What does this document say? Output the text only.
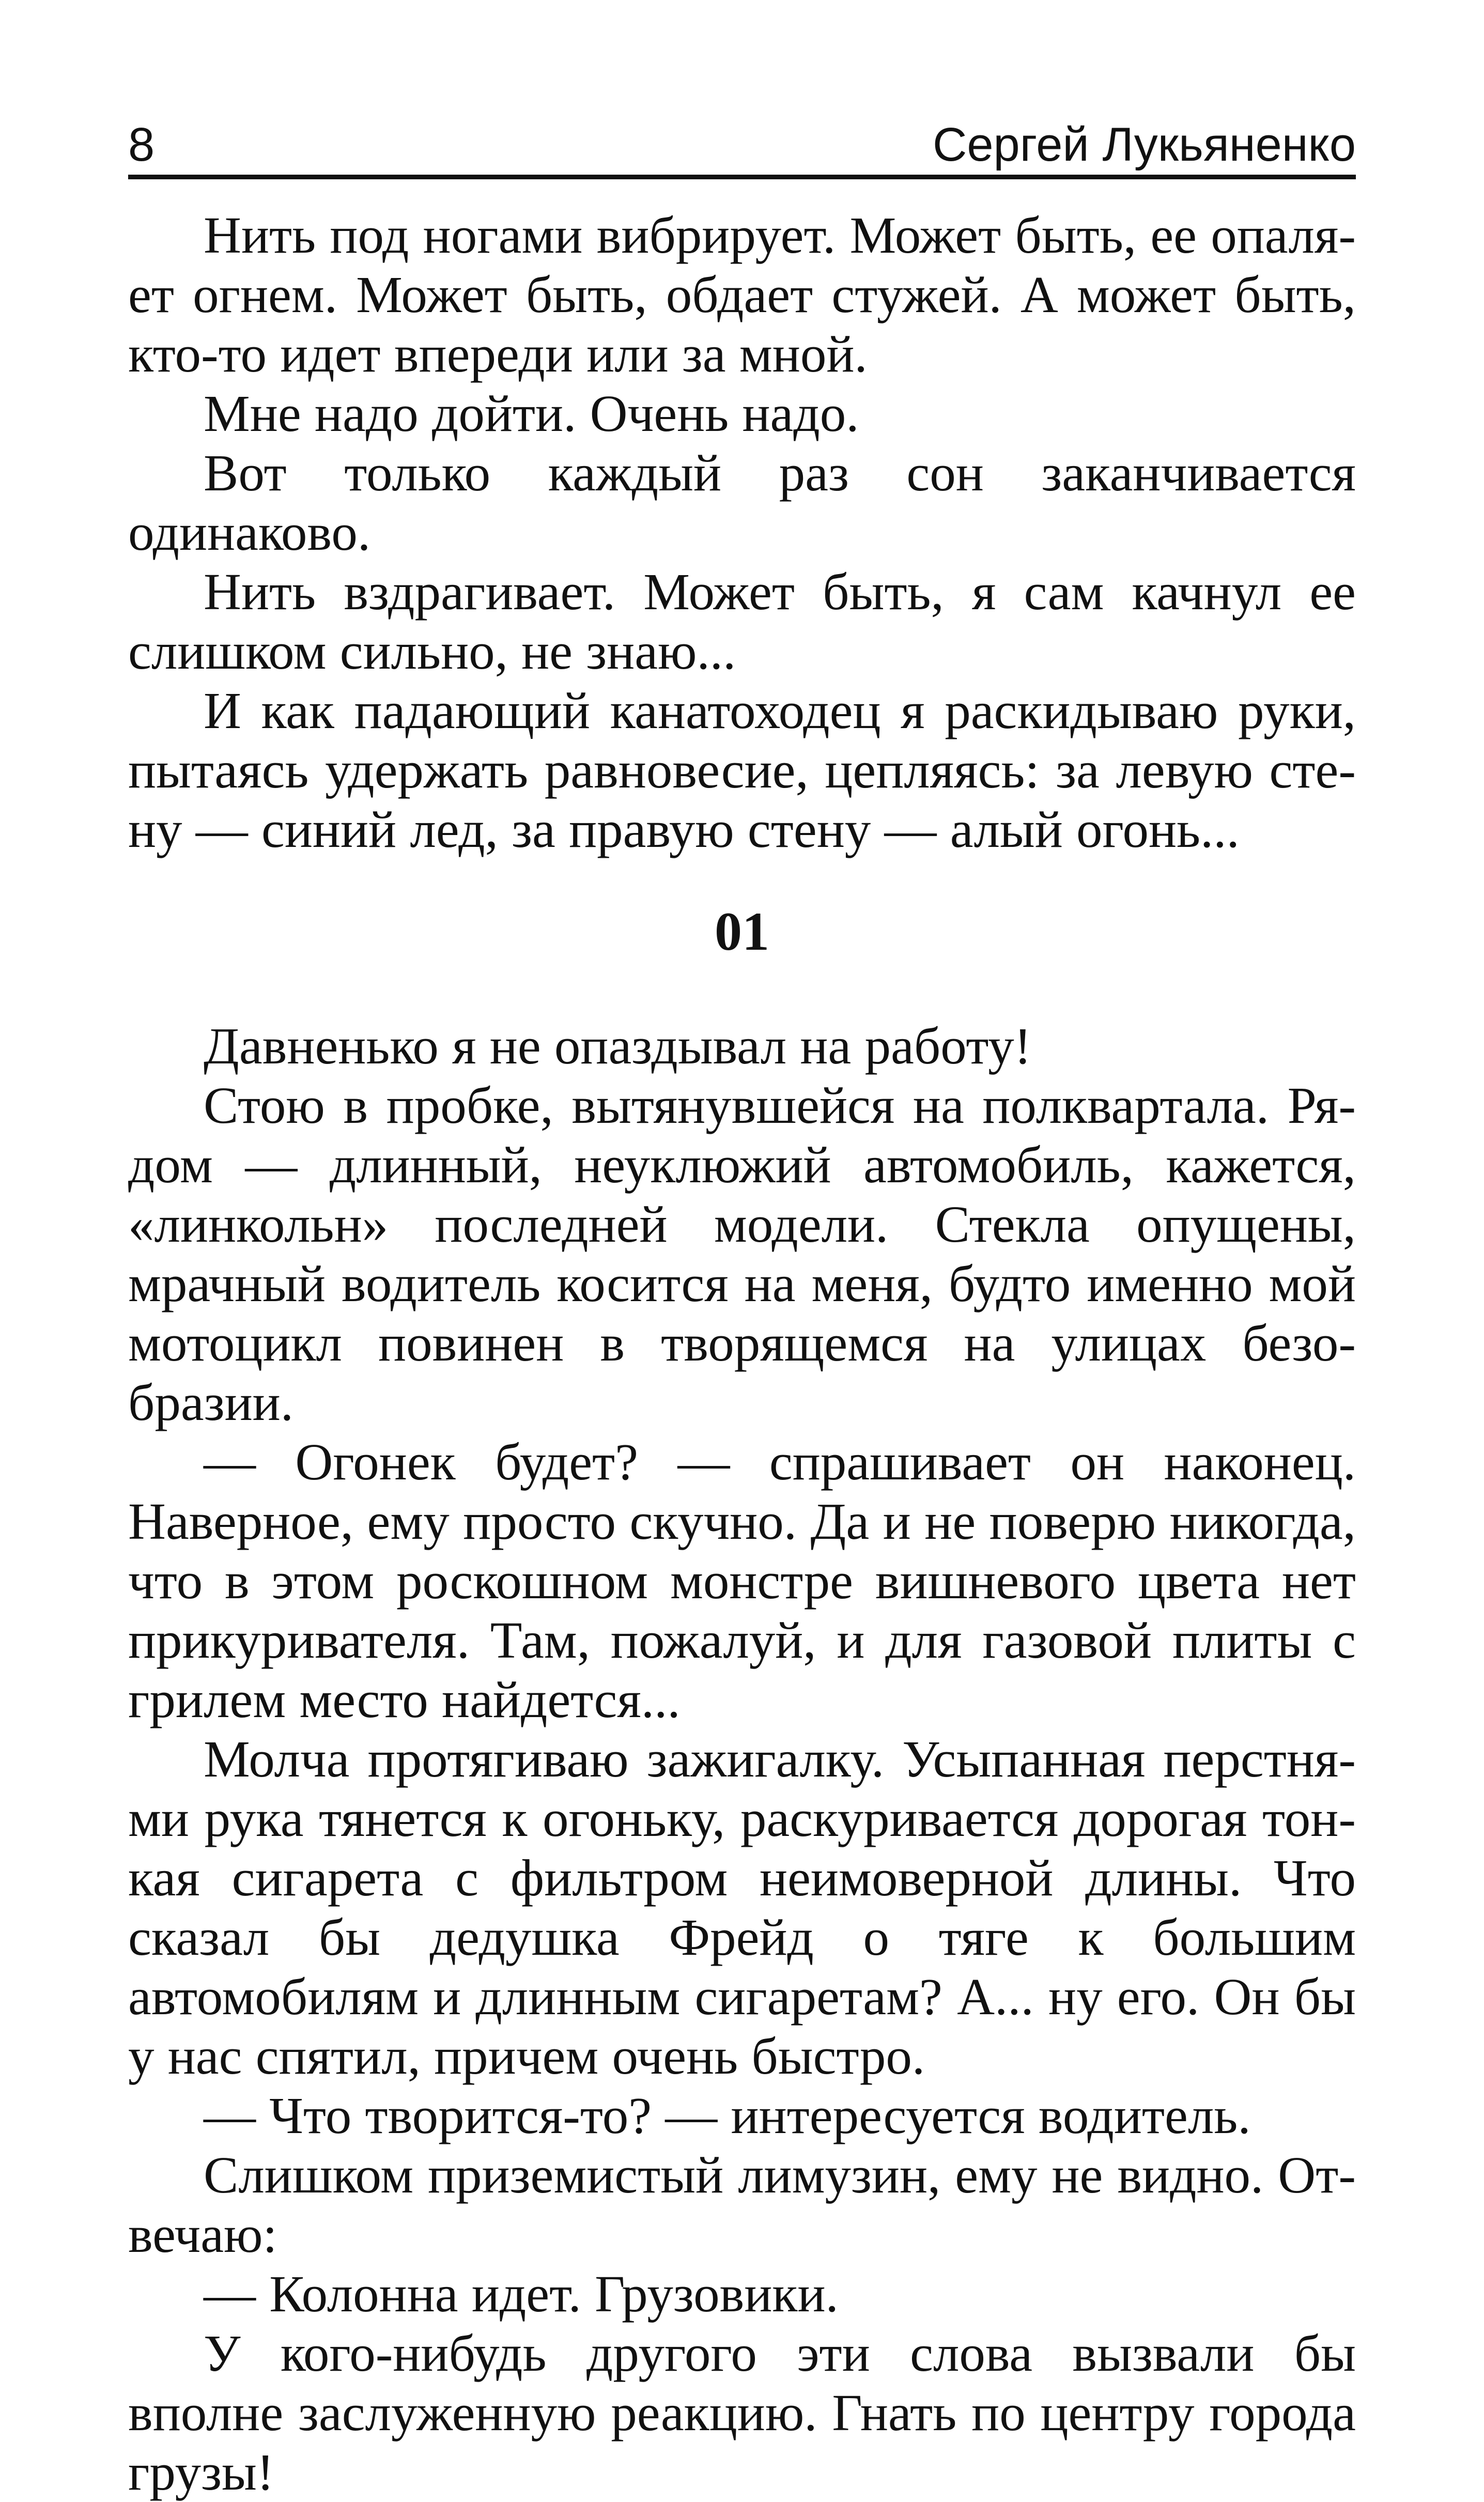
8	Сергей Лукьяненко

Нить под ногами вибрирует. Может быть, ее опаляет огнем. Может быть, обдает стужей. А может быть, кто-то идет впереди или за мной.

Мне надо дойти. Очень надо.

Вот только каждый раз сон заканчивается одинаково.

Нить вздрагивает. Может быть, я сам качнул ее слишком сильно, не знаю...

И как падающий канатоходец я раскидываю руки, пытаясь удержать равновесие, цепляясь: за левую стену — синий лед, за правую стену — алый огонь...

01

Давненько я не опаздывал на работу!

Стою в пробке, вытянувшейся на полквартала. Рядом — длинный, неуклюжий автомобиль, кажется, «линкольн» последней модели. Стекла опущены, мрачный водитель косится на меня, будто именно мой мотоцикл повинен в творящемся на улицах безобразии.

— Огонек будет? — спрашивает он наконец. Наверное, ему просто скучно. Да и не поверю никогда, что в этом роскошном монстре вишневого цвета нет прикуривателя. Там, пожалуй, и для газовой плиты с грилем место найдется...

Молча протягиваю зажигалку. Усыпанная перстнями рука тянется к огоньку, раскуривается дорогая тонкая сигарета с фильтром неимоверной длины. Что сказал бы дедушка Фрейд о тяге к большим автомобилям и длинным сигаретам? А... ну его. Он бы у нас спятил, причем очень быстро.

— Что творится-то? — интересуется водитель.

Слишком приземистый лимузин, ему не видно. Отвечаю:

— Колонна идет. Грузовики.

У кого-нибудь другого эти слова вызвали бы вполне заслуженную реакцию. Гнать по центру города грузы!
